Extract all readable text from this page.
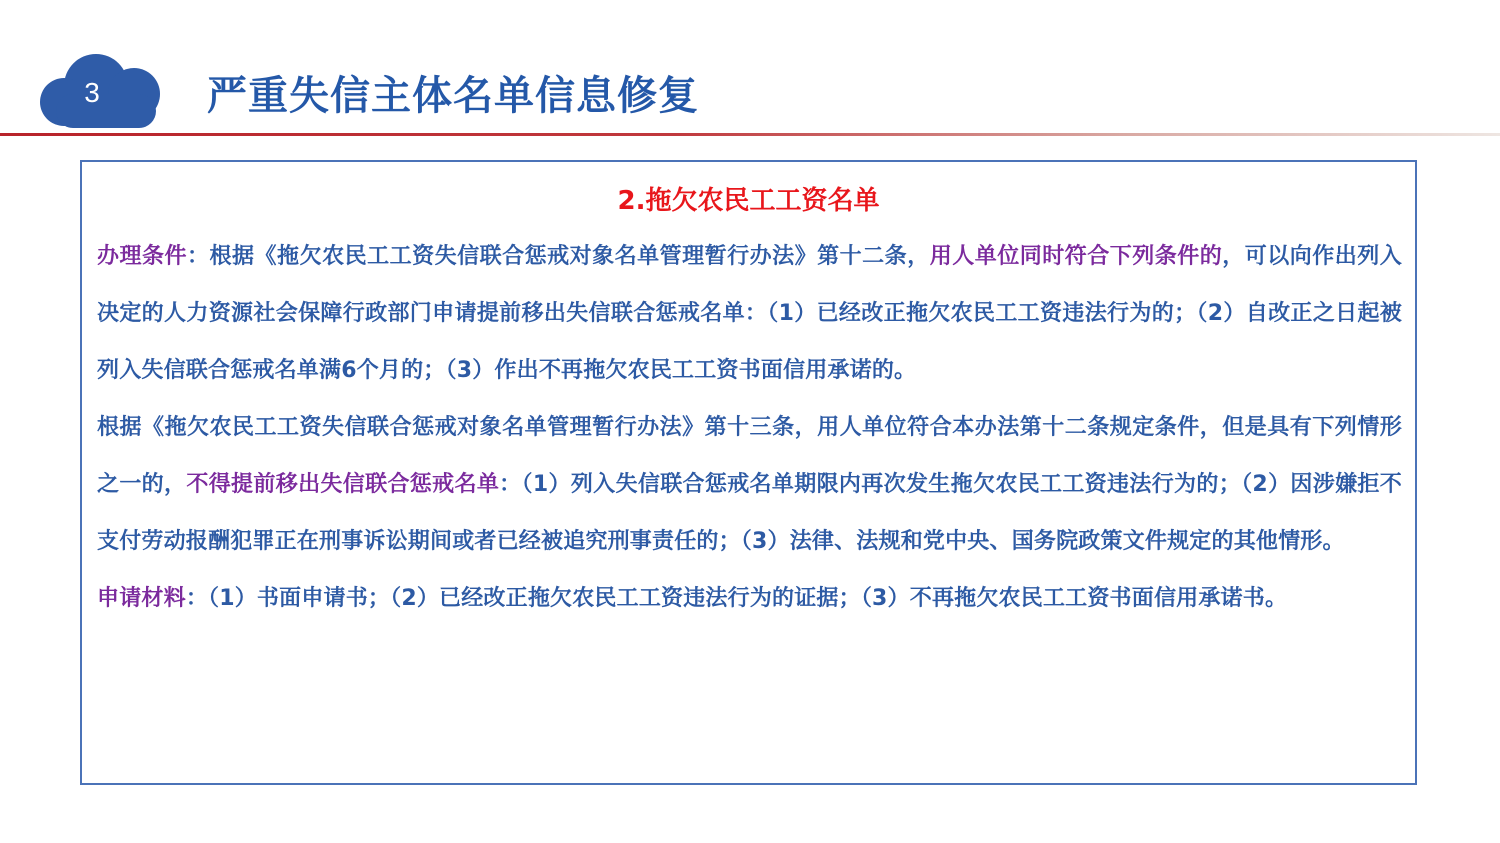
3	严重失信主体名单信息修复
2.拖欠农民工工资名单

办理条件：根据《拖欠农民工工资失信联合惩戒对象名单管理暂行办法》第十二条，用人单位同时符合下列条件的，可以向作出列入决定的人力资源社会保障行政部门申请提前移出失信联合惩戒名单：（1）已经改正拖欠农民工工资违法行为的；（2）自改正之日起被列入失信联合惩戒名单满6个月的；（3）作出不再拖欠农民工工资书面信用承诺的。

根据《拖欠农民工工资失信联合惩戒对象名单管理暂行办法》第十三条，用人单位符合本办法第十二条规定条件，但是具有下列情形之一的，不得提前移出失信联合惩戒名单：（1）列入失信联合惩戒名单期限内再次发生拖欠农民工工资违法行为的；（2）因涉嫌拒不支付劳动报酬犯罪正在刑事诉讼期间或者已经被追究刑事责任的；（3）法律、法规和党中央、国务院政策文件规定的其他情形。

申请材料：（1）书面申请书；（2）已经改正拖欠农民工工资违法行为的证据；（3）不再拖欠农民工工资书面信用承诺书。
